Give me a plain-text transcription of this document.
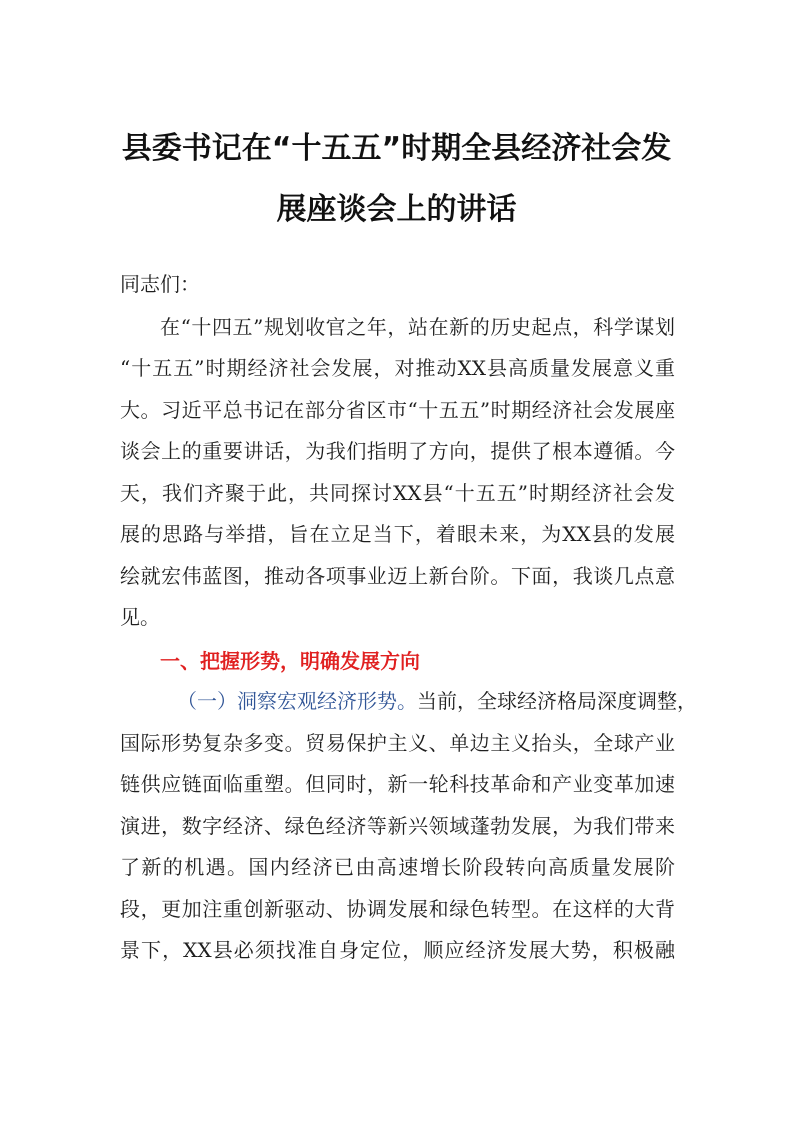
县委书记在“十五五”时期全县经济社会发
展座谈会上的讲话
同志们：
在“十四五”规划收官之年，站在新的历史起点，科学谋划
“十五五”时期经济社会发展，对推动XX县高质量发展意义重
大。习近平总书记在部分省区市“十五五”时期经济社会发展座
谈会上的重要讲话，为我们指明了方向，提供了根本遵循。今
天，我们齐聚于此，共同探讨XX县“十五五”时期经济社会发
展的思路与举措，旨在立足当下，着眼未来，为XX县的发展
绘就宏伟蓝图，推动各项事业迈上新台阶。下面，我谈几点意
见。
一、把握形势，明确发展方向
（一）洞察宏观经济形势。当前，全球经济格局深度调整，
国际形势复杂多变。贸易保护主义、单边主义抬头，全球产业
链供应链面临重塑。但同时，新一轮科技革命和产业变革加速
演进，数字经济、绿色经济等新兴领域蓬勃发展，为我们带来
了新的机遇。国内经济已由高速增长阶段转向高质量发展阶
段，更加注重创新驱动、协调发展和绿色转型。在这样的大背
景下，XX县必须找准自身定位，顺应经济发展大势，积极融
